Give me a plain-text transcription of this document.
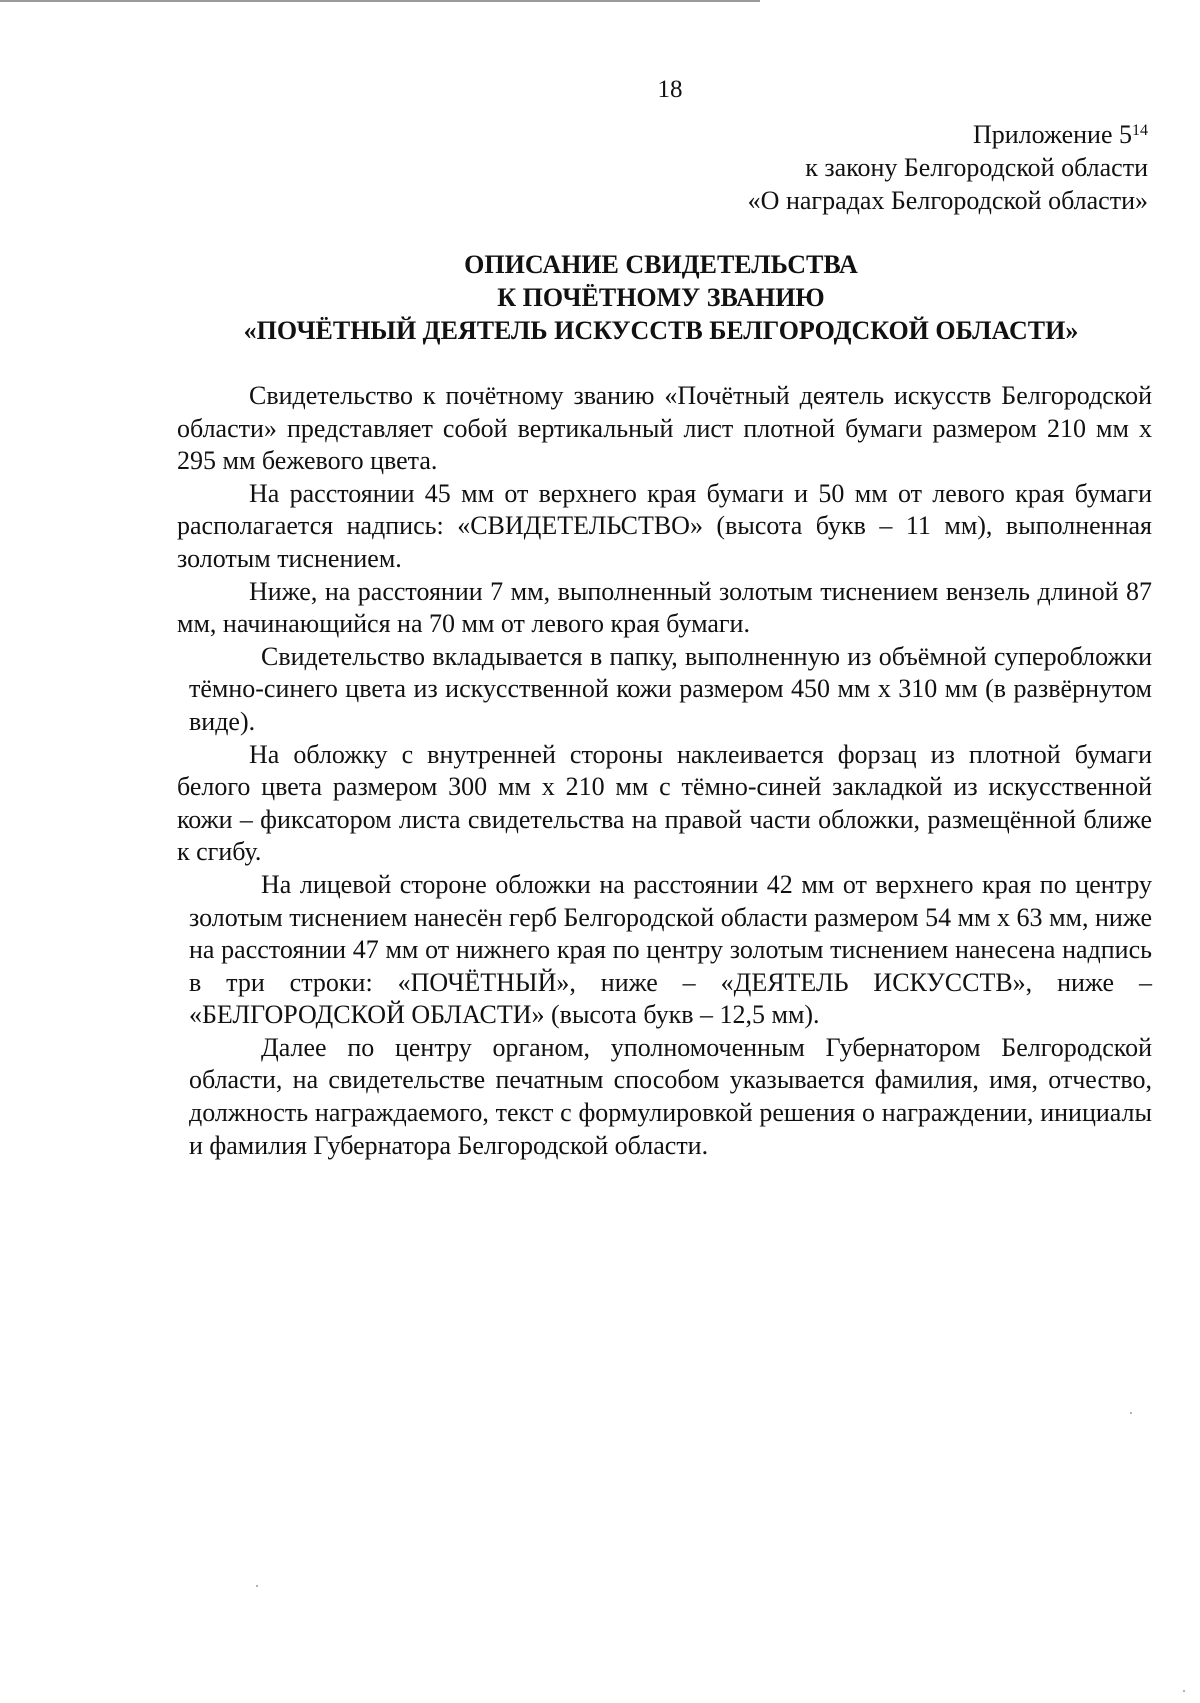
18
Приложение $5^{14}$
к закону Белгородской области
«О наградах Белгородской области»
ОПИСАНИЕ СВИДЕТЕЛЬСТВА
К ПОЧЁТНОМУ ЗВАНИЮ
«ПОЧЁТНЫЙ ДЕЯТЕЛЬ ИСКУССТВ БЕЛГОРОДСКОЙ ОБЛАСТИ»

Свидетельство к почётному званию «Почётный деятель искусств Белгородской области» представляет собой вертикальный лист плотной бумаги размером 210 мм х 295 мм бежевого цвета.

На расстоянии 45 мм от верхнего края бумаги и 50 мм от левого края бумаги располагается надпись: «СВИДЕТЕЛЬСТВО» (высота букв – 11 мм), выполненная золотым тиснением.

Ниже, на расстоянии 7 мм, выполненный золотым тиснением вензель длиной 87 мм, начинающийся на 70 мм от левого края бумаги.

Свидетельство вкладывается в папку, выполненную из объёмной суперобложки тёмно-синего цвета из искусственной кожи размером 450 мм х 310 мм (в развёрнутом виде).

На обложку с внутренней стороны наклеивается форзац из плотной бумаги белого цвета размером 300 мм х 210 мм с тёмно-синей закладкой из искусственной кожи – фиксатором листа свидетельства на правой части обложки, размещённой ближе к сгибу.

На лицевой стороне обложки на расстоянии 42 мм от верхнего края по центру золотым тиснением нанесён герб Белгородской области размером 54 мм х 63 мм, ниже на расстоянии 47 мм от нижнего края по центру золотым тиснением нанесена надпись в три строки: «ПОЧЁТНЫЙ», ниже – «ДЕЯТЕЛЬ ИСКУССТВ», ниже – «БЕЛГОРОДСКОЙ ОБЛАСТИ» (высота букв – 12,5 мм).

Далее по центру органом, уполномоченным Губернатором Белгородской области, на свидетельстве печатным способом указывается фамилия, имя, отчество, должность награждаемого, текст с формулировкой решения о награждении, инициалы и фамилия Губернатора Белгородской области.
